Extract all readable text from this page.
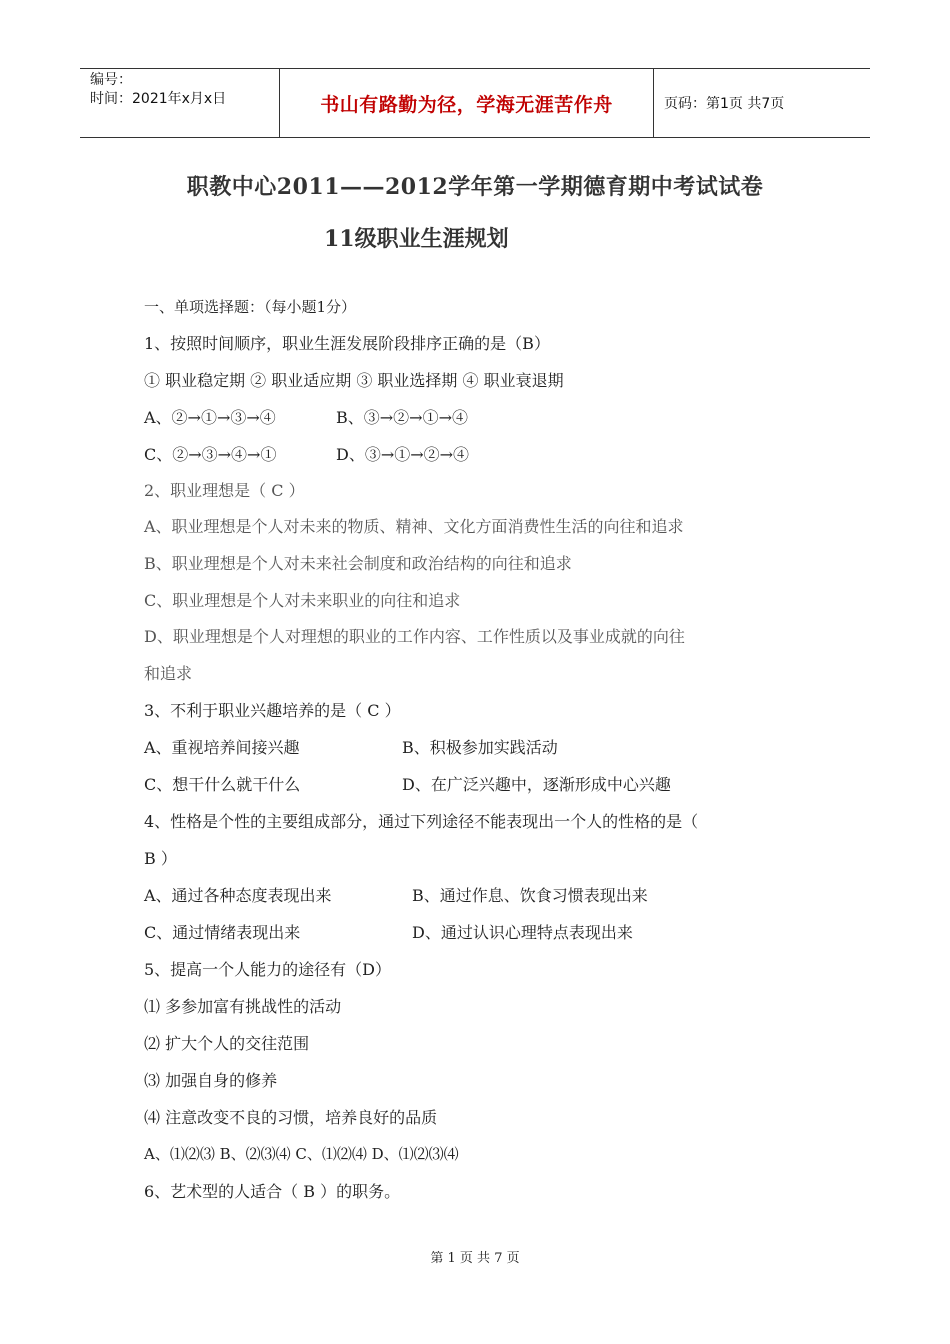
编号：
时间：2021年x月x日	书山有路勤为径，学海无涯苦作舟	页码：第1页 共7页
职教中心2011——2012学年第一学期德育期中考试试卷
11级职业生涯规划
一、单项选择题：（每小题1分）
1、按照时间顺序，职业生涯发展阶段排序正确的是（B）
① 职业稳定期 ② 职业适应期 ③ 职业选择期 ④ 职业衰退期
A、②→①→③→④	B、③→②→①→④
C、②→③→④→①	D、③→①→②→④
2、职业理想是（ C ）
A、职业理想是个人对未来的物质、精神、文化方面消费性生活的向往和追求
B、职业理想是个人对未来社会制度和政治结构的向往和追求
C、职业理想是个人对未来职业的向往和追求
D、职业理想是个人对理想的职业的工作内容、工作性质以及事业成就的向往
和追求
3、不利于职业兴趣培养的是（ C ）
A、重视培养间接兴趣	B、积极参加实践活动
C、想干什么就干什么	D、在广泛兴趣中，逐渐形成中心兴趣
4、性格是个性的主要组成部分，通过下列途径不能表现出一个人的性格的是（
B ）
A、通过各种态度表现出来	B、通过作息、饮食习惯表现出来
C、通过情绪表现出来	D、通过认识心理特点表现出来
5、提高一个人能力的途径有（D）
⑴ 多参加富有挑战性的活动
⑵ 扩大个人的交往范围
⑶ 加强自身的修养
⑷ 注意改变不良的习惯，培养良好的品质
A、⑴⑵⑶ B、⑵⑶⑷ C、⑴⑵⑷ D、⑴⑵⑶⑷
6、艺术型的人适合（ B ）的职务。
第 1 页 共 7 页
